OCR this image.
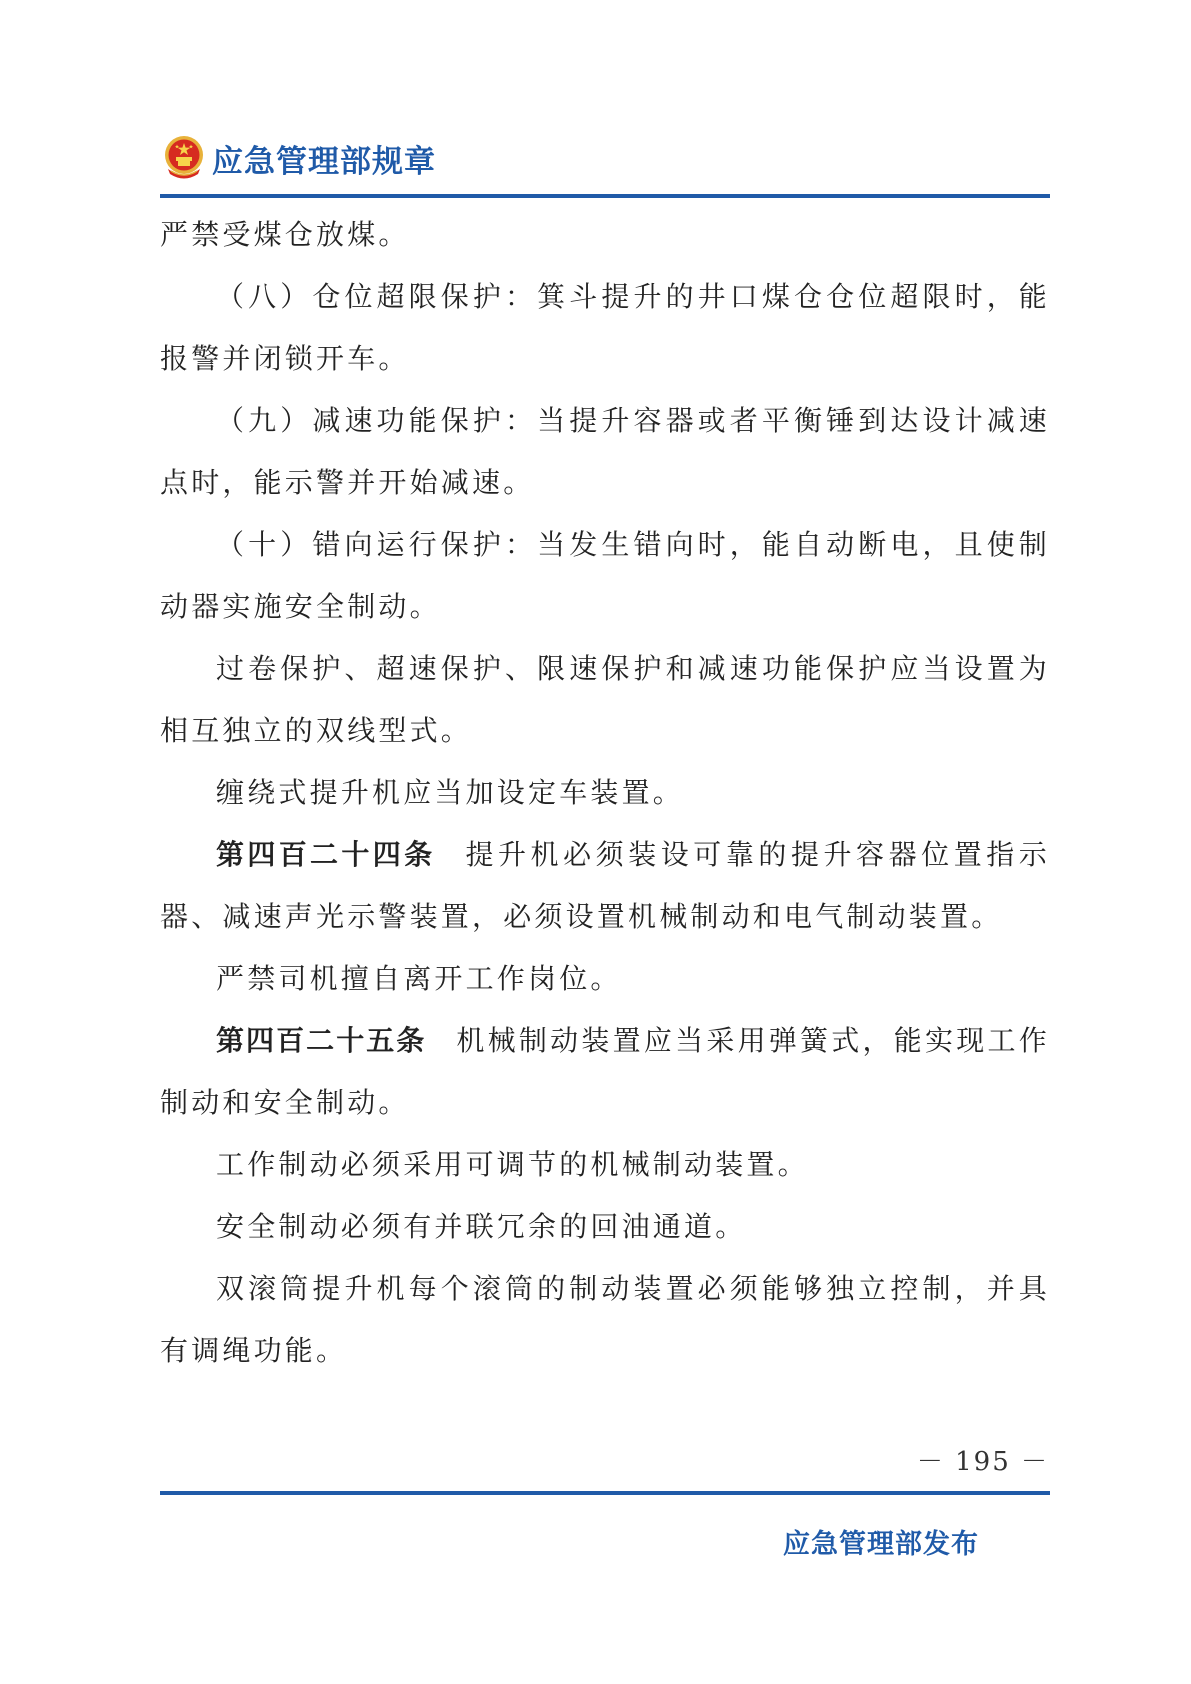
应急管理部规章

严禁受煤仓放煤。

（八）仓位超限保护：箕斗提升的井口煤仓仓位超限时，能报警并闭锁开车。

（九）减速功能保护：当提升容器或者平衡锤到达设计减速点时，能示警并开始减速。

（十）错向运行保护：当发生错向时，能自动断电，且使制动器实施安全制动。

过卷保护、超速保护、限速保护和减速功能保护应当设置为相互独立的双线型式。

缠绕式提升机应当加设定车装置。

第四百二十四条 提升机必须装设可靠的提升容器位置指示器、减速声光示警装置，必须设置机械制动和电气制动装置。

严禁司机擅自离开工作岗位。

第四百二十五条 机械制动装置应当采用弹簧式，能实现工作制动和安全制动。

工作制动必须采用可调节的机械制动装置。

安全制动必须有并联冗余的回油通道。

双滚筒提升机每个滚筒的制动装置必须能够独立控制，并具有调绳功能。

－ 195 －
应急管理部发布
